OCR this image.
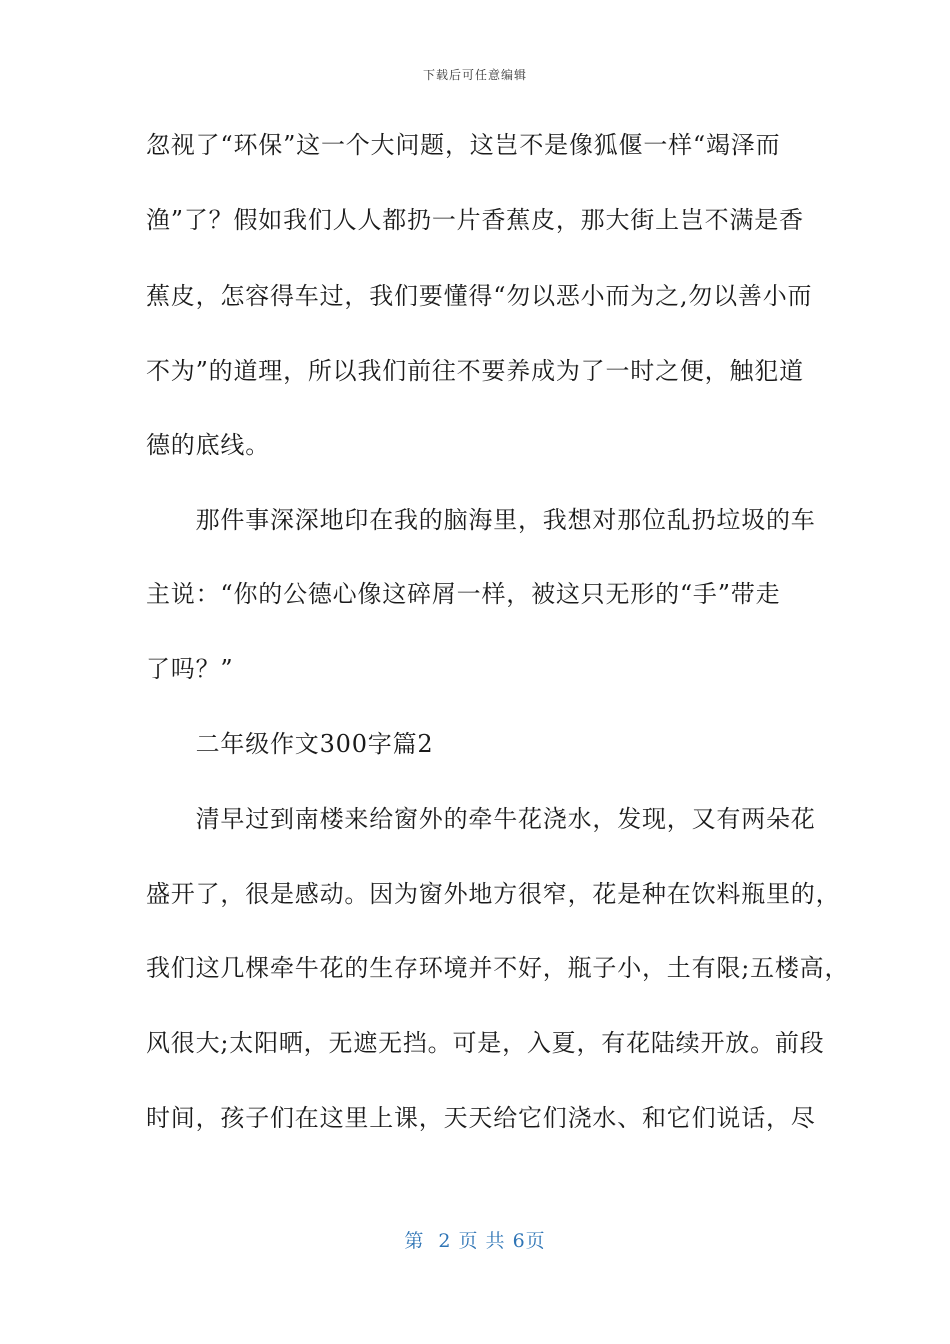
下载后可任意编辑
忽视了“环保”这一个大问题，这岂不是像狐偃一样“竭泽而
渔”了？假如我们人人都扔一片香蕉皮，那大街上岂不满是香
蕉皮，怎容得车过，我们要懂得“勿以恶小而为之,勿以善小而
不为”的道理，所以我们前往不要养成为了一时之便，触犯道
德的底线。
　　那件事深深地印在我的脑海里，我想对那位乱扔垃圾的车
主说：“你的公德心像这碎屑一样，被这只无形的“手”带走
了吗？”
　　二年级作文300字篇2
　　清早过到南楼来给窗外的牵牛花浇水，发现，又有两朵花
盛开了，很是感动。因为窗外地方很窄，花是种在饮料瓶里的，
我们这几棵牵牛花的生存环境并不好，瓶子小，土有限;五楼高，
风很大;太阳晒，无遮无挡。可是，入夏，有花陆续开放。前段
时间，孩子们在这里上课，天天给它们浇水、和它们说话，尽
第  2 页 共 6页
